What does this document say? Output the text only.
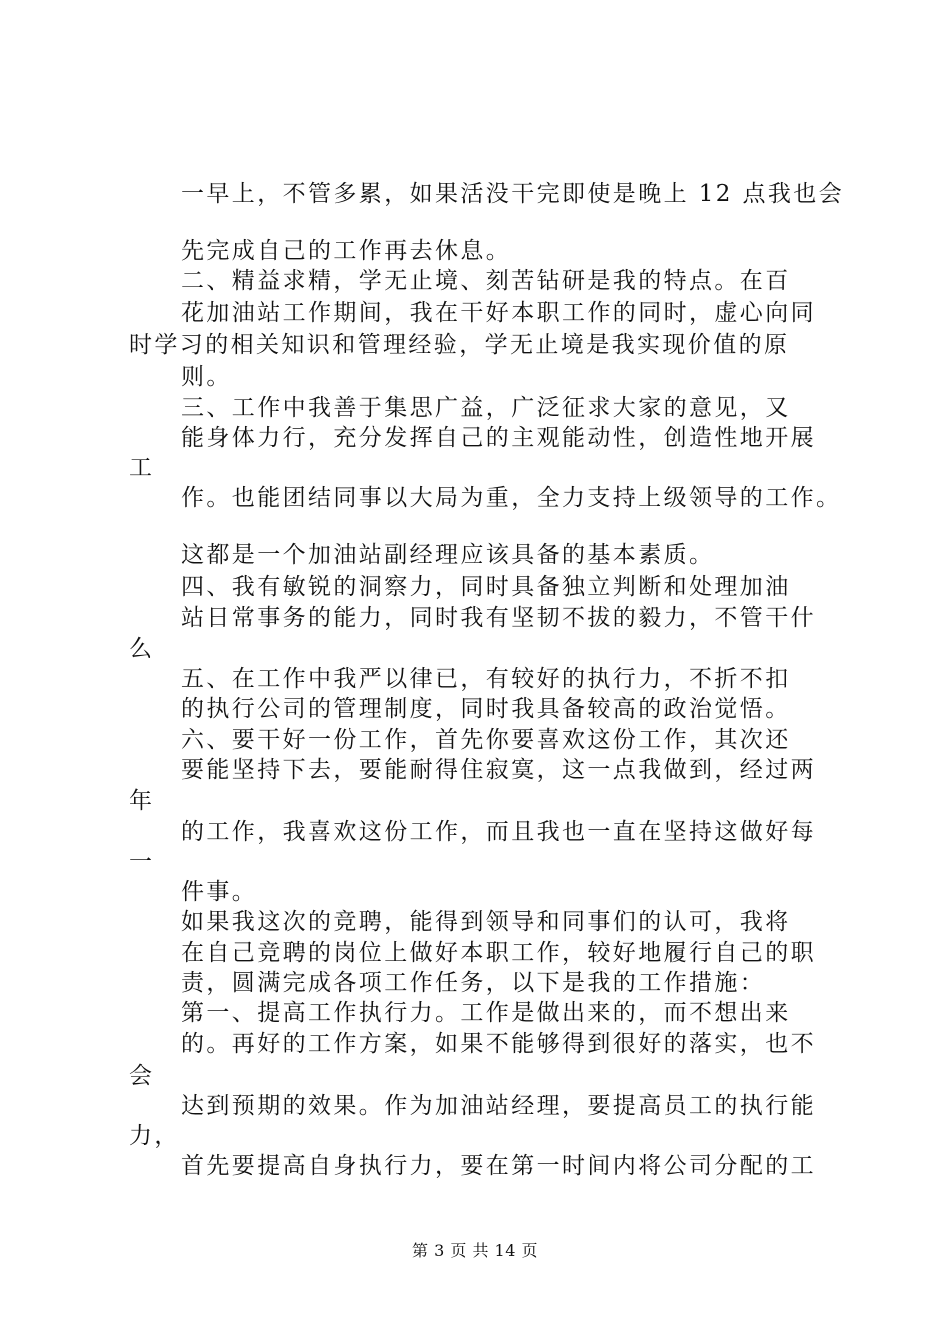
一早上，不管多累，如果活没干完即使是晚上 12 点我也会
先完成自己的工作再去休息。
二、精益求精，学无止境、刻苦钻研是我的特点。在百
花加油站工作期间，我在干好本职工作的同时，虚心向同
时学习的相关知识和管理经验，学无止境是我实现价值的原
则。
三、工作中我善于集思广益，广泛征求大家的意见，又
能身体力行，充分发挥自己的主观能动性，创造性地开展
工
作。也能团结同事以大局为重，全力支持上级领导的工作。
这都是一个加油站副经理应该具备的基本素质。
四、我有敏锐的洞察力，同时具备独立判断和处理加油
站日常事务的能力，同时我有坚韧不拔的毅力，不管干什
么
五、在工作中我严以律已，有较好的执行力，不折不扣
的执行公司的管理制度，同时我具备较高的政治觉悟。
六、要干好一份工作，首先你要喜欢这份工作，其次还
要能坚持下去，要能耐得住寂寞，这一点我做到，经过两
年
的工作，我喜欢这份工作，而且我也一直在坚持这做好每
一
件事。
如果我这次的竞聘，能得到领导和同事们的认可，我将
在自己竞聘的岗位上做好本职工作，较好地履行自己的职
责，圆满完成各项工作任务，以下是我的工作措施：
第一、提高工作执行力。工作是做出来的，而不想出来
的。再好的工作方案，如果不能够得到很好的落实，也不
会
达到预期的效果。作为加油站经理，要提高员工的执行能
力，
首先要提高自身执行力，要在第一时间内将公司分配的工
第 3 页 共 14 页
